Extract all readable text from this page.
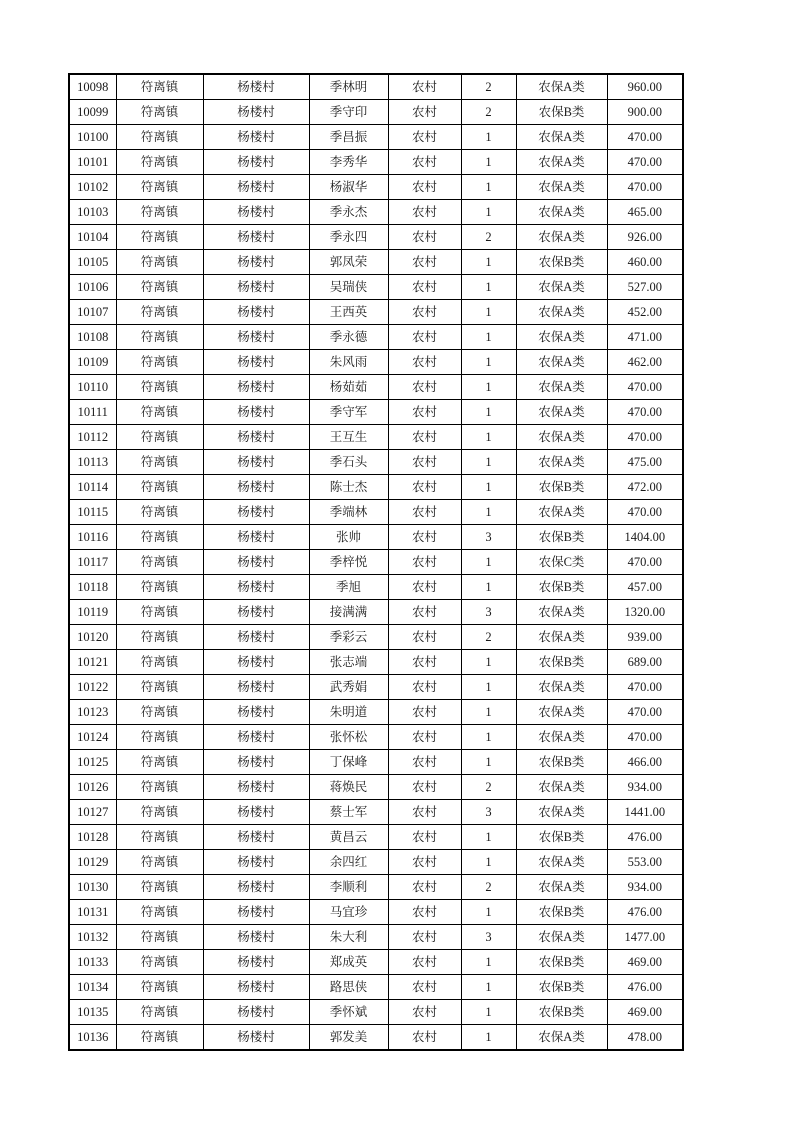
10098	符离镇	杨楼村	季林明	农村	2	农保A类	960.00
10099	符离镇	杨楼村	季守印	农村	2	农保B类	900.00
10100	符离镇	杨楼村	季昌振	农村	1	农保A类	470.00
10101	符离镇	杨楼村	李秀华	农村	1	农保A类	470.00
10102	符离镇	杨楼村	杨淑华	农村	1	农保A类	470.00
10103	符离镇	杨楼村	季永杰	农村	1	农保A类	465.00
10104	符离镇	杨楼村	季永四	农村	2	农保A类	926.00
10105	符离镇	杨楼村	郭凤荣	农村	1	农保B类	460.00
10106	符离镇	杨楼村	吴瑞侠	农村	1	农保A类	527.00
10107	符离镇	杨楼村	王西英	农村	1	农保A类	452.00
10108	符离镇	杨楼村	季永德	农村	1	农保A类	471.00
10109	符离镇	杨楼村	朱风雨	农村	1	农保A类	462.00
10110	符离镇	杨楼村	杨茹茹	农村	1	农保A类	470.00
10111	符离镇	杨楼村	季守军	农村	1	农保A类	470.00
10112	符离镇	杨楼村	王互生	农村	1	农保A类	470.00
10113	符离镇	杨楼村	季石头	农村	1	农保A类	475.00
10114	符离镇	杨楼村	陈士杰	农村	1	农保B类	472.00
10115	符离镇	杨楼村	季端林	农村	1	农保A类	470.00
10116	符离镇	杨楼村	张帅	农村	3	农保B类	1404.00
10117	符离镇	杨楼村	季梓悦	农村	1	农保C类	470.00
10118	符离镇	杨楼村	季旭	农村	1	农保B类	457.00
10119	符离镇	杨楼村	接满满	农村	3	农保A类	1320.00
10120	符离镇	杨楼村	季彩云	农村	2	农保A类	939.00
10121	符离镇	杨楼村	张志端	农村	1	农保B类	689.00
10122	符离镇	杨楼村	武秀娟	农村	1	农保A类	470.00
10123	符离镇	杨楼村	朱明道	农村	1	农保A类	470.00
10124	符离镇	杨楼村	张怀松	农村	1	农保A类	470.00
10125	符离镇	杨楼村	丁保峰	农村	1	农保B类	466.00
10126	符离镇	杨楼村	蒋焕民	农村	2	农保A类	934.00
10127	符离镇	杨楼村	蔡士军	农村	3	农保A类	1441.00
10128	符离镇	杨楼村	黄昌云	农村	1	农保B类	476.00
10129	符离镇	杨楼村	余四红	农村	1	农保A类	553.00
10130	符离镇	杨楼村	李顺利	农村	2	农保A类	934.00
10131	符离镇	杨楼村	马宜珍	农村	1	农保B类	476.00
10132	符离镇	杨楼村	朱大利	农村	3	农保A类	1477.00
10133	符离镇	杨楼村	郑成英	农村	1	农保B类	469.00
10134	符离镇	杨楼村	路思侠	农村	1	农保B类	476.00
10135	符离镇	杨楼村	季怀斌	农村	1	农保B类	469.00
10136	符离镇	杨楼村	郭发美	农村	1	农保A类	478.00
